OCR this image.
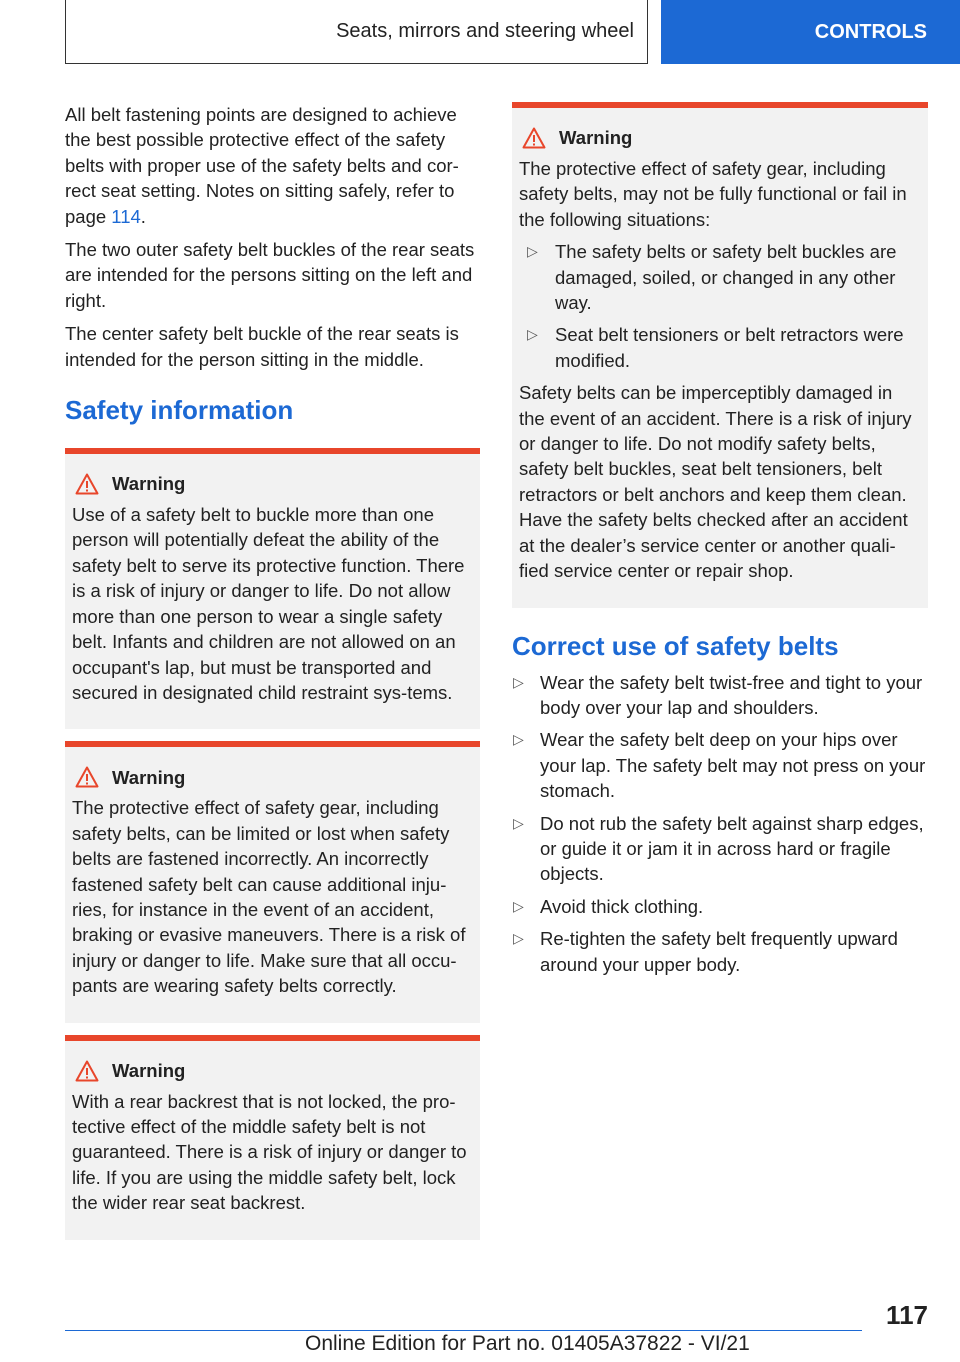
Seats, mirrors and steering wheel	CONTROLS

All belt fastening points are designed to achieve the best possible protective effect of the safety belts with proper use of the safety belts and cor-rect seat setting. Notes on sitting safely, refer to page 114.

The two outer safety belt buckles of the rear seats are intended for the persons sitting on the left and right.

The center safety belt buckle of the rear seats is intended for the person sitting in the middle.

Safety information
Warning
Use of a safety belt to buckle more than one person will potentially defeat the ability of the safety belt to serve its protective function. There is a risk of injury or danger to life. Do not allow more than one person to wear a single safety belt. Infants and children are not allowed on an occupant's lap, but must be transported and secured in designated child restraint sys-tems.
Warning
The protective effect of safety gear, including safety belts, can be limited or lost when safety belts are fastened incorrectly. An incorrectly fastened safety belt can cause additional inju-ries, for instance in the event of an accident, braking or evasive maneuvers. There is a risk of injury or danger to life. Make sure that all occu-pants are wearing safety belts correctly.
Warning
With a rear backrest that is not locked, the pro-tective effect of the middle safety belt is not guaranteed. There is a risk of injury or danger to life. If you are using the middle safety belt, lock the wider rear seat backrest.
Warning
The protective effect of safety gear, including safety belts, may not be fully functional or fail in the following situations:
▷ The safety belts or safety belt buckles are damaged, soiled, or changed in any other way.
▷ Seat belt tensioners or belt retractors were modified.
Safety belts can be imperceptibly damaged in the event of an accident. There is a risk of injury or danger to life. Do not modify safety belts, safety belt buckles, seat belt tensioners, belt retractors or belt anchors and keep them clean. Have the safety belts checked after an accident at the dealer’s service center or another quali-fied service center or repair shop.
Correct use of safety belts
▷ Wear the safety belt twist-free and tight to your body over your lap and shoulders.
▷ Wear the safety belt deep on your hips over your lap. The safety belt may not press on your stomach.
▷ Do not rub the safety belt against sharp edges, or guide it or jam it in across hard or fragile objects.
▷ Avoid thick clothing.
▷ Re-tighten the safety belt frequently upward around your upper body.
117
Online Edition for Part no. 01405A37822 - VI/21
